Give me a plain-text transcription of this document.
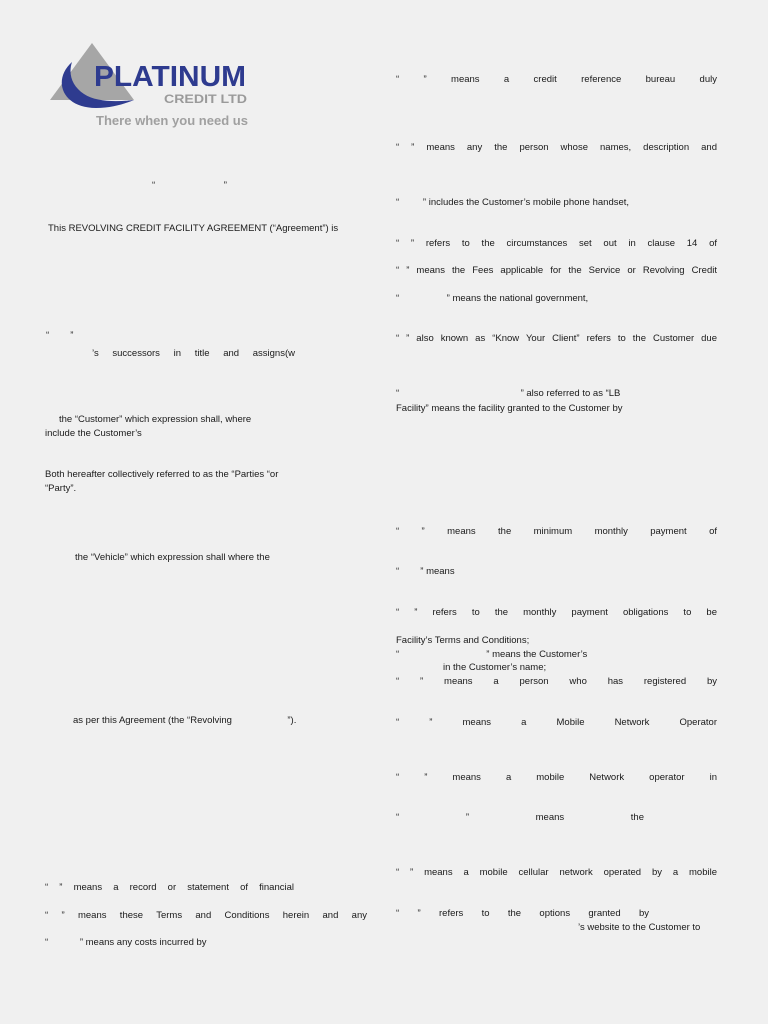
PLATINUM
CREDIT LTD
There when you need us
“                          ”
This REVOLVING CREDIT FACILITY AGREEMENT (“Agreement”) is
“        ”
’s successors in title and assigns(w
the “Customer” which expression shall, where
include the Customer’s
Both hereafter collectively referred to as the “Parties “or
“Party”.
the “Vehicle” which expression shall where the
as per this Agreement (the “Revolving                     ”).
“ ” means a record or statement of financial
“ ” means these Terms and Conditions herein and any
“            ” means any costs incurred by
“ ” means a credit reference bureau duly
“ ” means any the person whose names, description and
“         ” includes the Customer’s mobile phone handset,
“ ” refers to the circumstances set out in clause 14 of
“ ” means the Fees applicable for the Service or Revolving Credit
“                  ” means the national government,
“ ” also known as “Know Your Client” refers to the Customer due
“                                              ” also referred to as “LB
Facility” means the facility granted to the Customer by
“ ” means the minimum monthly payment of
“        ” means
“ ” refers to the monthly payment obligations to be
Facility’s Terms and Conditions;
“                                 ” means the Customer’s
in the Customer’s name;
“ ” means a person who has registered by
“ ” means a Mobile Network Operator
“ ” means a mobile Network operator in
“ ” means the
“ ” means a mobile cellular network operated by a mobile
“ ” refers to the options granted by
’s website to the Customer to
